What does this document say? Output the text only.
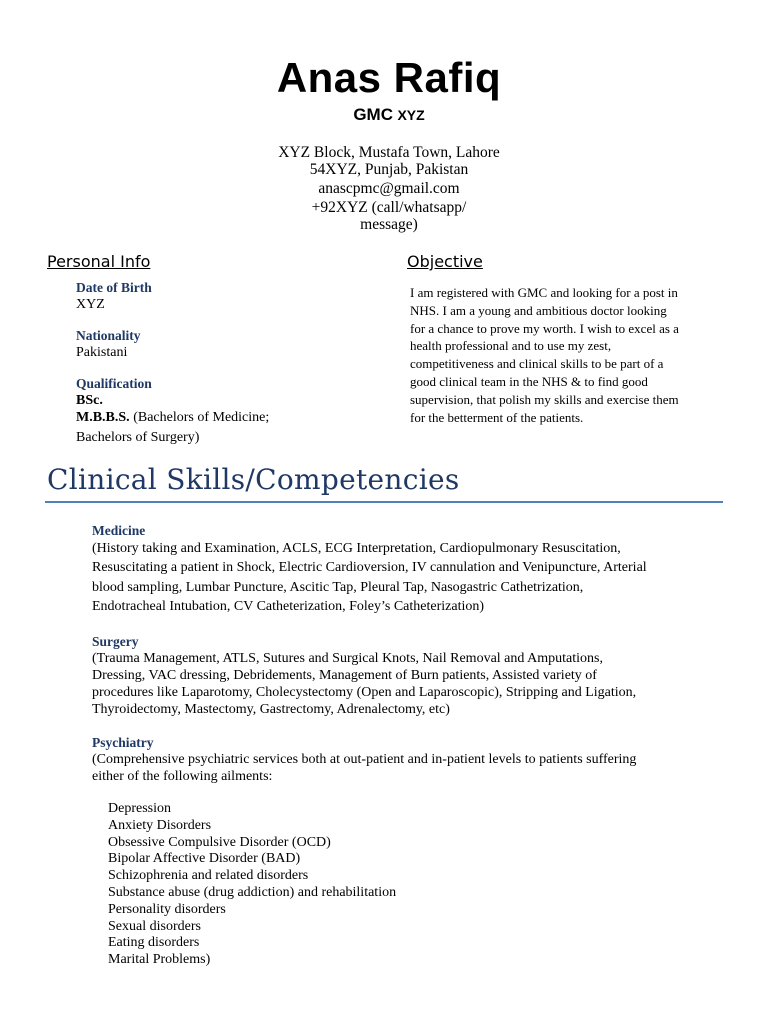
Anas Rafiq
GMC XYZ
XYZ Block, Mustafa Town, Lahore
54XYZ, Punjab, Pakistan
anascpmc@gmail.com
+92XYZ (call/whatsapp/
message)
Personal Info
Date of Birth
XYZ
Nationality
Pakistani
Qualification
BSc.
M.B.B.S. (Bachelors of Medicine;
Bachelors of Surgery)
Objective
I am registered with GMC and looking for a post in
NHS. I am a young and ambitious doctor looking
for a chance to prove my worth. I wish to excel as a
health professional and to use my zest,
competitiveness and clinical skills to be part of a
good clinical team in the NHS & to find good
supervision, that polish my skills and exercise them
for the betterment of the patients.
Clinical Skills/Competencies
Medicine
(History taking and Examination, ACLS, ECG Interpretation, Cardiopulmonary Resuscitation,
Resuscitating a patient in Shock, Electric Cardioversion, IV cannulation and Venipuncture, Arterial
blood sampling, Lumbar Puncture, Ascitic Tap, Pleural Tap, Nasogastric Cathetrization,
Endotracheal Intubation, CV Catheterization, Foley’s Catheterization)
Surgery
(Trauma Management, ATLS, Sutures and Surgical Knots, Nail Removal and Amputations,
Dressing, VAC dressing, Debridements, Management of Burn patients, Assisted variety of
procedures like Laparotomy, Cholecystectomy (Open and Laparoscopic), Stripping and Ligation,
Thyroidectomy, Mastectomy, Gastrectomy, Adrenalectomy, etc)
Psychiatry
(Comprehensive psychiatric services both at out-patient and in-patient levels to patients suffering
either of the following ailments:
Depression
Anxiety Disorders
Obsessive Compulsive Disorder (OCD)
Bipolar Affective Disorder (BAD)
Schizophrenia and related disorders
Substance abuse (drug addiction) and rehabilitation
Personality disorders
Sexual disorders
Eating disorders
Marital Problems)
